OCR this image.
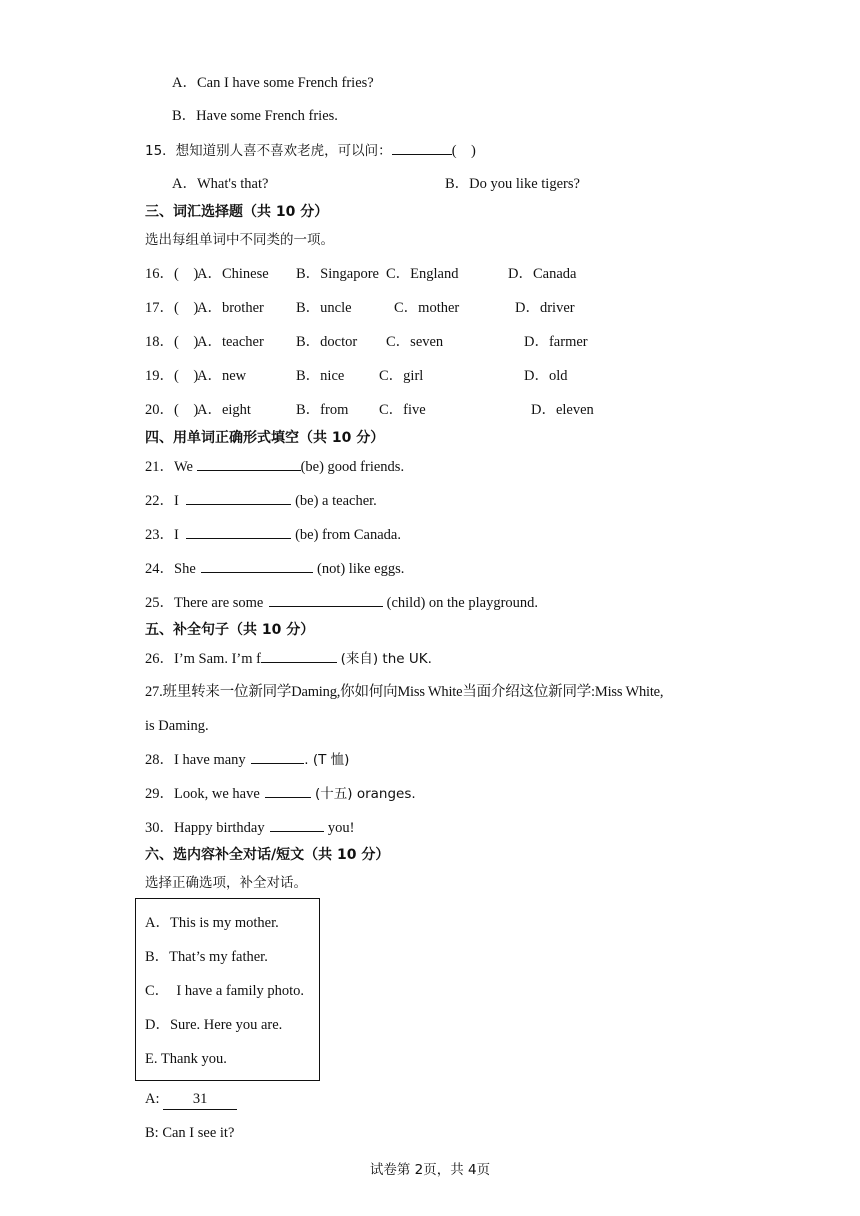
A．Can I have some French fries?
B．Have some French fries.
15．想知道别人喜不喜欢老虎，可以问：	(　)
A．What's that?	B．Do you like tigers?
三、词汇选择题（共 10 分）
选出每组单词中不同类的一项。
16．(　)
A．Chinese B．Singapore C．England	D．Canada
17．(　)
A．brother B．uncle	C．mother	D．driver
18．(　)
A．teacher B．doctor C．seven	D．farmer
19．(　)
A．new	B．nice C．girl	D．old
20．(　)
A．eight	B．from C．five	D．eleven
四、用单词正确形式填空（共 10 分）
21．We	(be) good friends.
22．I	(be) a teacher.
23．I	(be) from Canada.
24．She	(not) like eggs.
25．There are some	(child) on the playground.
五、补全句子（共 10 分）
26．I’m Sam. I’m f	(来自) the UK.
27.班里转来一位新同学Daming,你如何向Miss White当面介绍这位新同学:Miss White,
is Daming.
28．I have many	. (T 恤)
29．Look, we have	(十五) oranges.
30．Happy birthday	you!
六、选内容补全对话/短文（共 10 分）
选择正确选项，补全对话。
A．This is my mother.
B．That’s my father.
C．  I have a family photo.
D．Sure. Here you are.
E. Thank you.
A: 31
B: Can I see it?
试卷第 2页，共 4页
